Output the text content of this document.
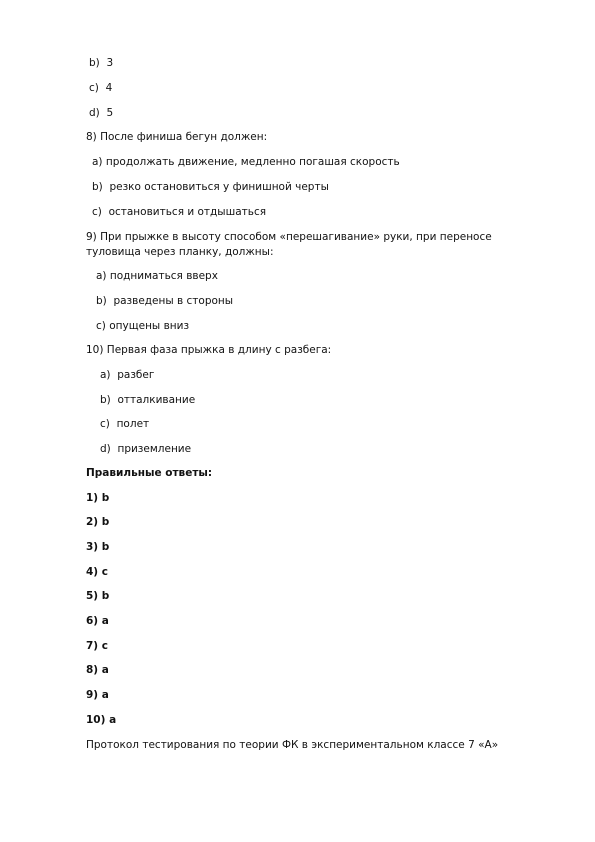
b) 3
c) 4
d) 5
8) После финиша бегун должен:
a) продолжать движение, медленно погашая скорость
b) резко остановиться у финишной черты
c) остановиться и отдышаться
9) При прыжке в высоту способом «перешагивание» руки, при переносе
туловища через планку, должны:
a) подниматься вверх
b) разведены в стороны
c) опущены вниз
10) Первая фаза прыжка в длину с разбега:
a) разбег
b) отталкивание
c) полет
d) приземление
Правильные ответы:
1) b
2) b
3) b
4) c
5) b
6) a
7) c
8) a
9) a
10) a
Протокол тестирования по теории ФК в экспериментальном классе 7 «А»
